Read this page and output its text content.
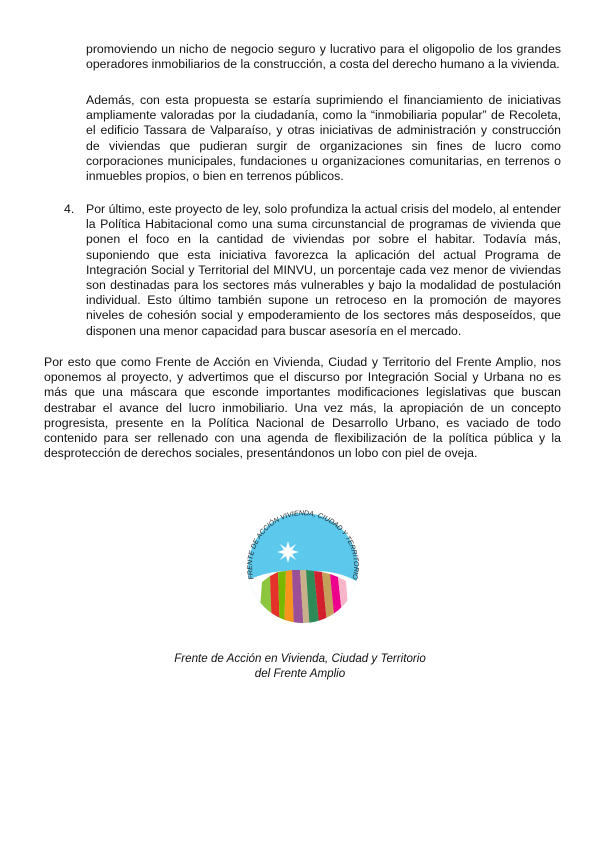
promoviendo un nicho de negocio seguro y lucrativo para el oligopolio de los grandes operadores inmobiliarios de la construcción, a costa del derecho humano a la vivienda.

Además, con esta propuesta se estaría suprimiendo el financiamiento de iniciativas ampliamente valoradas por la ciudadanía, como la “inmobiliaria popular” de Recoleta, el edificio Tassara de Valparaíso, y otras iniciativas de administración y construcción de viviendas que pudieran surgir de organizaciones sin fines de lucro como corporaciones municipales, fundaciones u organizaciones comunitarias, en terrenos o inmuebles propios, o bien en terrenos públicos.

4. Por último, este proyecto de ley, solo profundiza la actual crisis del modelo, al entender la Política Habitacional como una suma circunstancial de programas de vivienda que ponen el foco en la cantidad de viviendas por sobre el habitar. Todavía más, suponiendo que esta iniciativa favorezca la aplicación del actual Programa de Integración Social y Territorial del MINVU, un porcentaje cada vez menor de viviendas son destinadas para los sectores más vulnerables y bajo la modalidad de postulación individual. Esto último también supone un retroceso en la promoción de mayores niveles de cohesión social y empoderamiento de los sectores más desposeídos, que disponen una menor capacidad para buscar asesoría en el mercado.

Por esto que como Frente de Acción en Vivienda, Ciudad y Territorio del Frente Amplio, nos oponemos al proyecto, y advertimos que el discurso por Integración Social y Urbana no es más que una máscara que esconde importantes modificaciones legislativas que buscan destrabar el avance del lucro inmobiliario. Una vez más, la apropiación de un concepto progresista, presente en la Política Nacional de Desarrollo Urbano, es vaciado de todo contenido para ser rellenado con una agenda de flexibilización de la política pública y la desprotección de derechos sociales, presentándonos un lobo con piel de oveja.

FRENTE DE ACCIÓN VIVIENDA, CIUDAD Y TERRITORIO

Frente de Acción en Vivienda, Ciudad y Territorio
del Frente Amplio
